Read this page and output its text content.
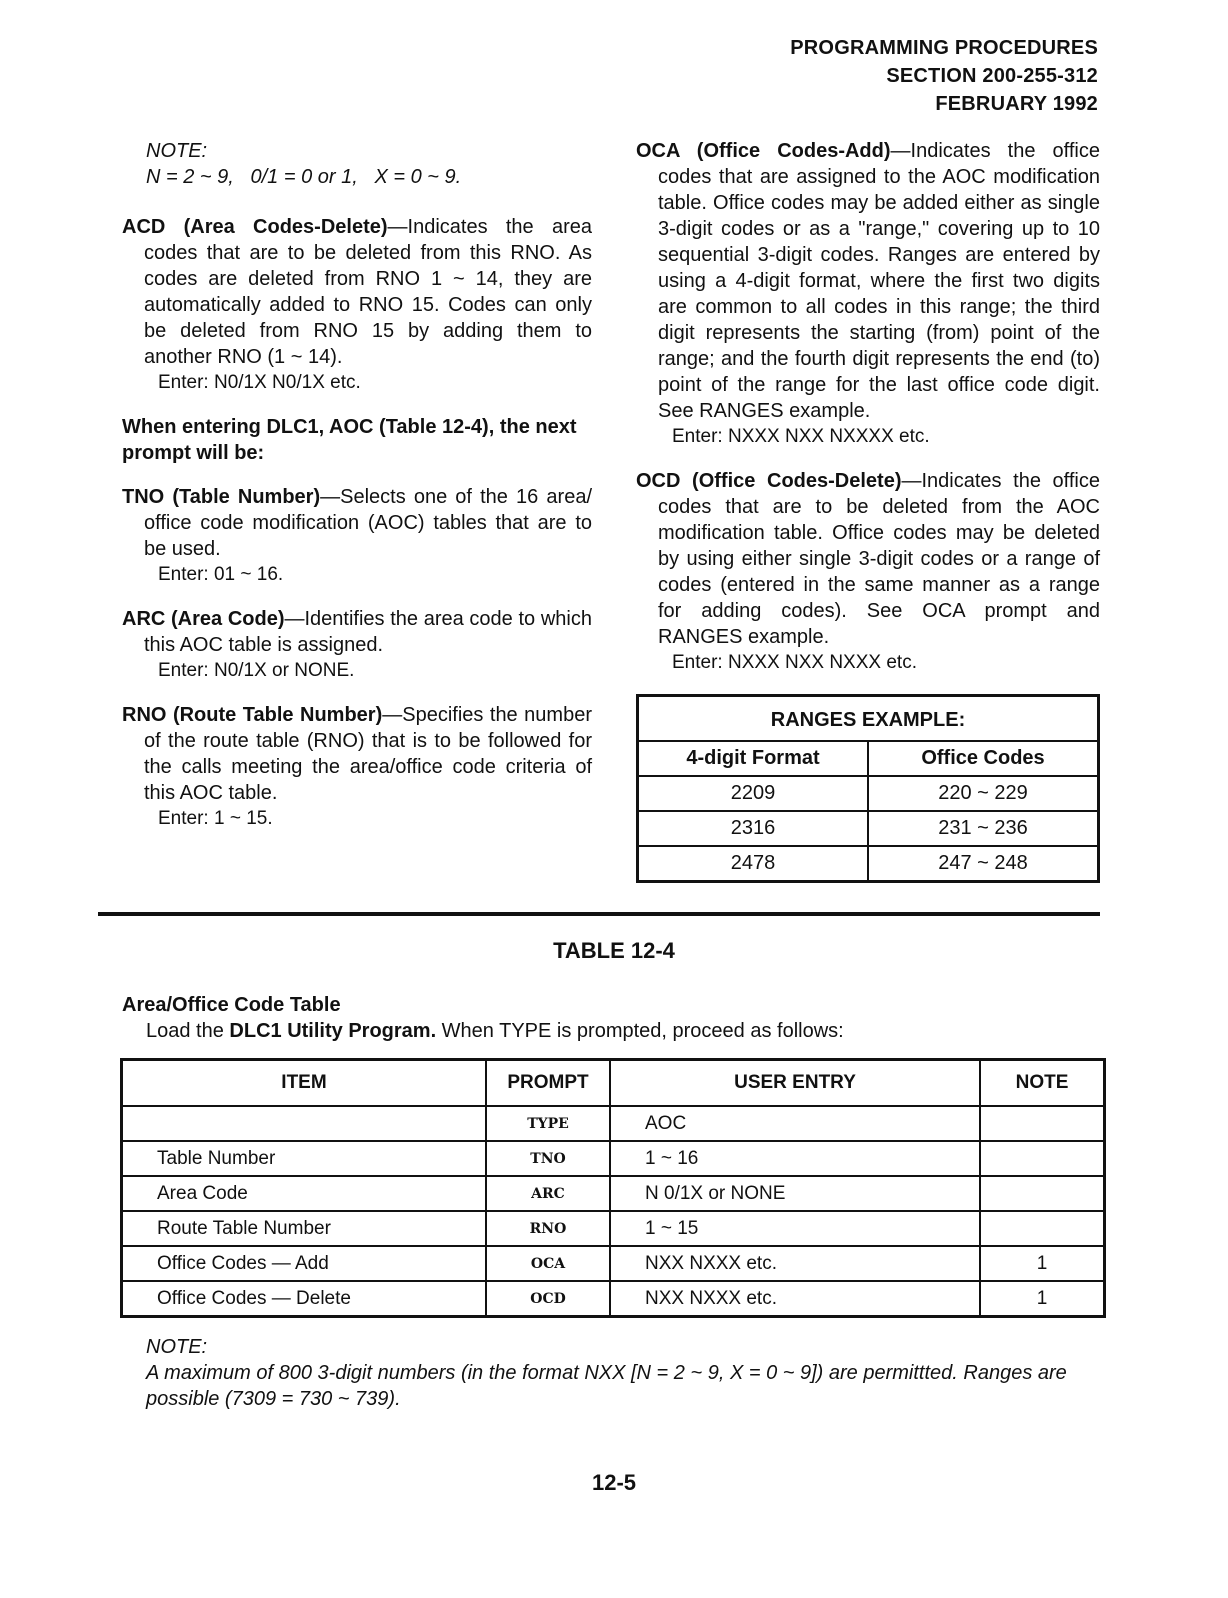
PROGRAMMING PROCEDURES
SECTION 200-255-312
FEBRUARY 1992
NOTE:
N = 2 ~ 9,   0/1 = 0 or 1,   X = 0 ~ 9.

ACD (Area Codes-Delete)—Indicates the area codes that are to be deleted from this RNO. As codes are deleted from RNO 1 ~ 14, they are automatically added to RNO 15. Codes can only be deleted from RNO 15 by adding them to another RNO (1 ~ 14).
Enter: N0/1X N0/1X etc.

When entering DLC1, AOC (Table 12-4), the next prompt will be:

TNO (Table Number)—Selects one of the 16 area/ office code modification (AOC) tables that are to be used.
Enter: 01 ~ 16.

ARC (Area Code)—Identifies the area code to which this AOC table is assigned.
Enter: N0/1X or NONE.

RNO (Route Table Number)—Specifies the number of the route table (RNO) that is to be followed for the calls meeting the area/office code criteria of this AOC table.
Enter: 1 ~ 15.

OCA (Office Codes-Add)—Indicates the office codes that are assigned to the AOC modification table. Office codes may be added either as single 3-digit codes or as a "range," covering up to 10 sequential 3-digit codes. Ranges are entered by using a 4-digit format, where the first two digits are common to all codes in this range; the third digit represents the starting (from) point of the range; and the fourth digit represents the end (to) point of the range for the last office code digit. See RANGES example.
Enter: NXXX NXX NXXXX etc.

OCD (Office Codes-Delete)—Indicates the office codes that are to be deleted from the AOC modification table. Office codes may be deleted by using either single 3-digit codes or a range of codes (entered in the same manner as a range for adding codes). See OCA prompt and RANGES example.
Enter: NXXX NXX NXXX etc.

RANGES EXAMPLE:
4-digit Format	Office Codes
2209	220 ~ 229
2316	231 ~ 236
2478	247 ~ 248
TABLE 12-4
Area/Office Code Table
Load the DLC1 Utility Program. When TYPE is prompted, proceed as follows:
ITEM	PROMPT	USER ENTRY	NOTE
	TYPE	AOC	
Table Number	TNO	1 ~ 16	
Area Code	ARC	N 0/1X or NONE	
Route Table Number	RNO	1 ~ 15	
Office Codes — Add	OCA	NXX NXXX etc.	1
Office Codes — Delete	OCD	NXX NXXX etc.	1
NOTE:
A maximum of 800 3-digit numbers (in the format NXX [N = 2 ~ 9, X = 0 ~ 9]) are permittted. Ranges are possible (7309 = 730 ~ 739).
12-5
